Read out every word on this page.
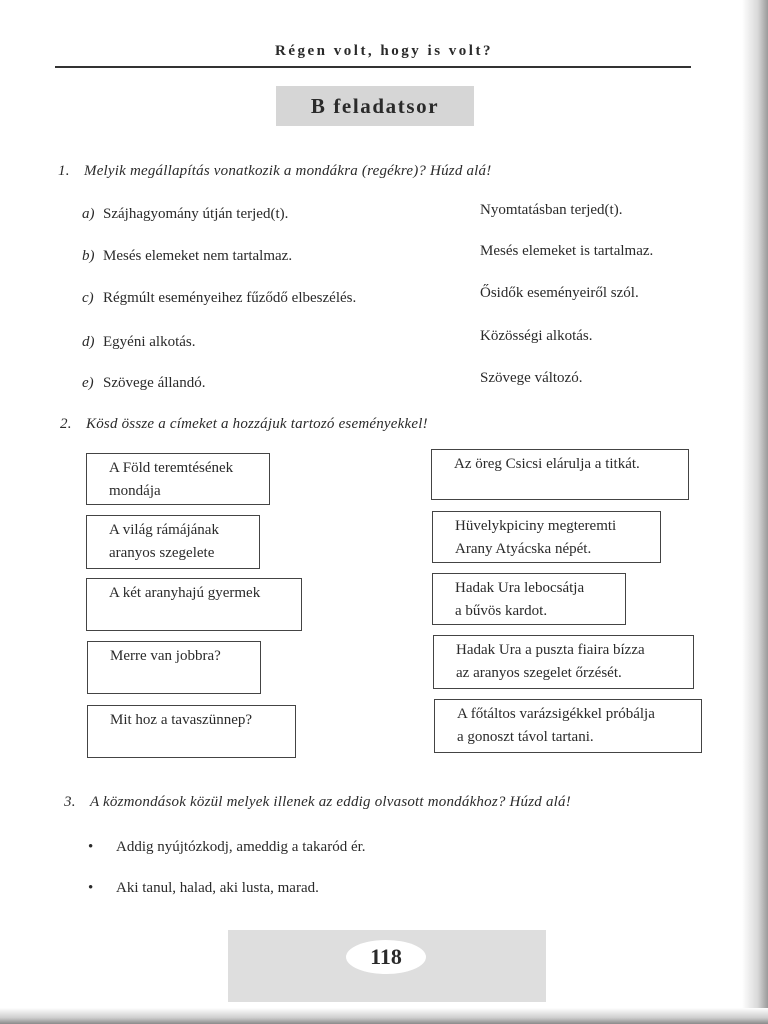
Régen volt, hogy is volt?
B feladatsor
1. Melyik megállapítás vonatkozik a mondákra (regékre)? Húzd alá!
a) Szájhagyomány útján terjed(t).	Nyomtatásban terjed(t).
b) Mesés elemeket nem tartalmaz.	Mesés elemeket is tartalmaz.
c) Régmúlt eseményeihez fűződő elbeszélés.	Ősidők eseményeiről szól.
d) Egyéni alkotás.	Közösségi alkotás.
e) Szövege állandó.	Szövege változó.
2. Kösd össze a címeket a hozzájuk tartozó eseményekkel!
A Föld teremtésének
mondája
A világ rámájának
aranyos szegelete
A két aranyhajú gyermek
Merre van jobbra?
Mit hoz a tavaszünnep?
Az öreg Csicsi elárulja a titkát.
Hüvelykpiciny megteremti
Arany Atyácska népét.
Hadak Ura lebocsátja
a bűvös kardot.
Hadak Ura a puszta fiaira bízza
az aranyos szegelet őrzését.
A főtáltos varázsigékkel próbálja
a gonoszt távol tartani.
3. A közmondások közül melyek illenek az eddig olvasott mondákhoz? Húzd alá!
• Addig nyújtózkodj, ameddig a takaród ér.
• Aki tanul, halad, aki lusta, marad.
118
